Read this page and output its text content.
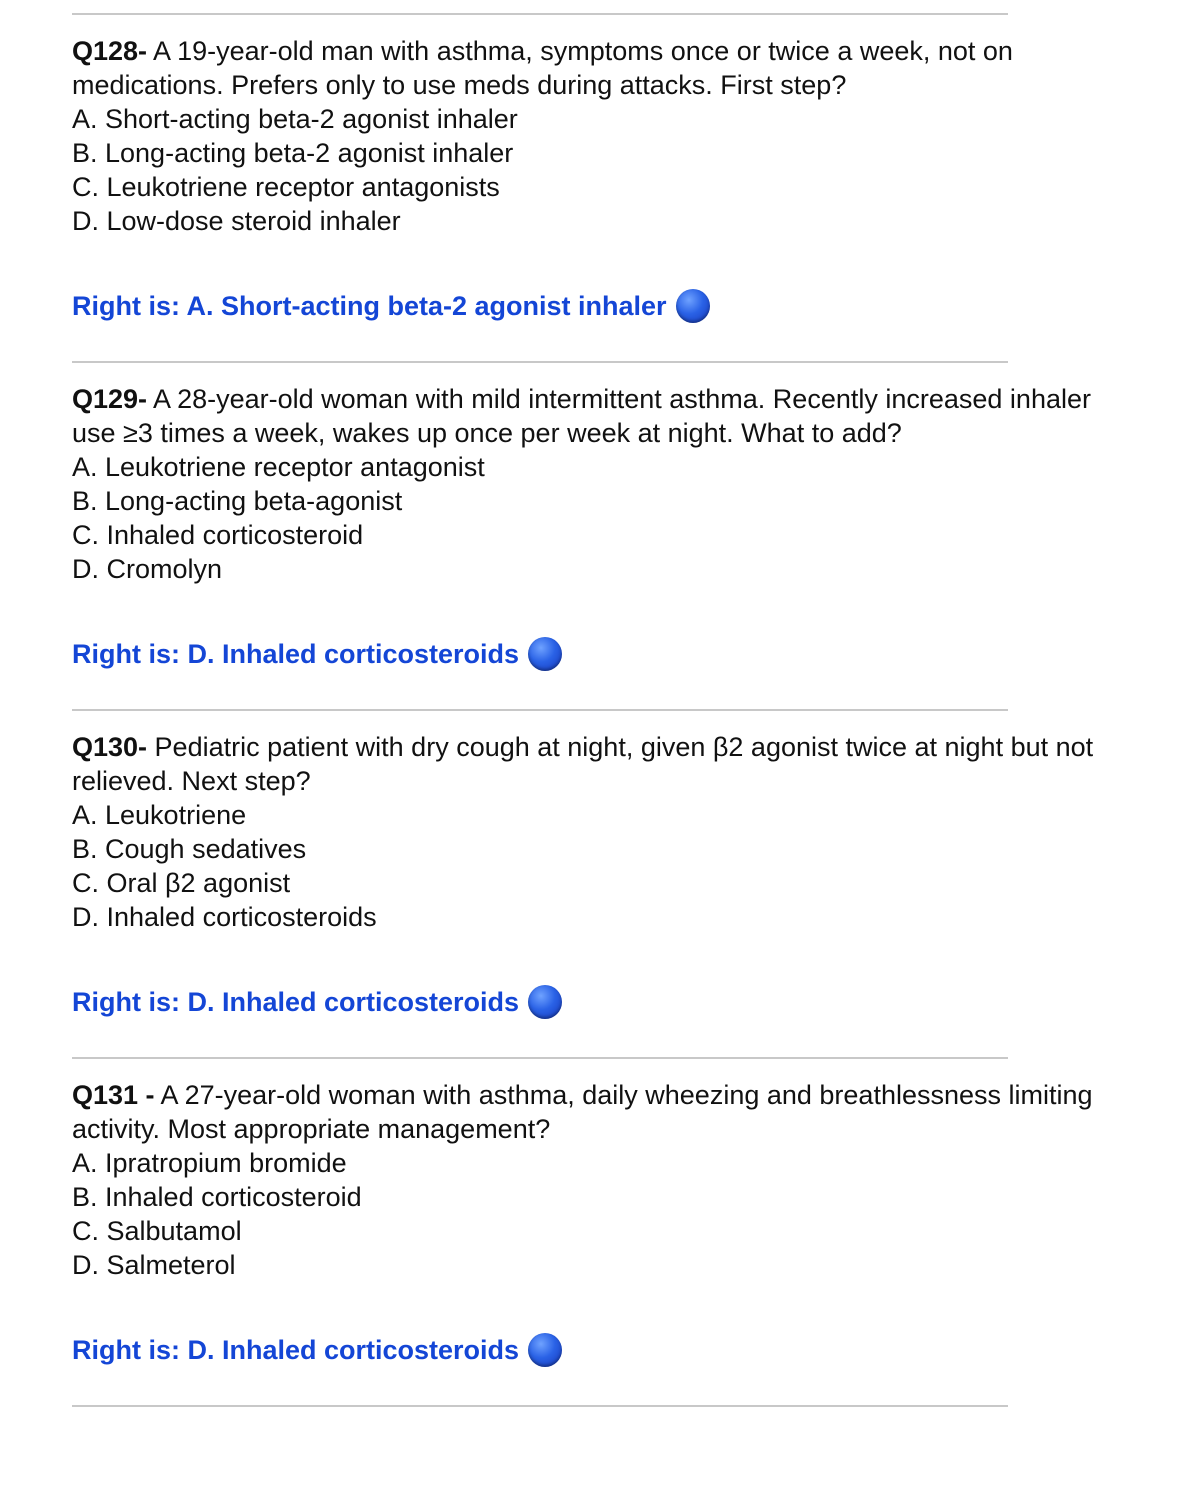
Q128- A 19-year-old man with asthma, symptoms once or twice a week, not on medications. Prefers only to use meds during attacks. First step?

A. Short-acting beta-2 agonist inhaler

B. Long-acting beta-2 agonist inhaler

C. Leukotriene receptor antagonists

D. Low-dose steroid inhaler

Right is: A. Short-acting beta-2 agonist inhaler

Q129- A 28-year-old woman with mild intermittent asthma. Recently increased inhaler use ≥3 times a week, wakes up once per week at night. What to add?

A. Leukotriene receptor antagonist

B. Long-acting beta-agonist

C. Inhaled corticosteroid

D. Cromolyn

Right is: D. Inhaled corticosteroids

Q130- Pediatric patient with dry cough at night, given β2 agonist twice at night but not relieved. Next step?

A. Leukotriene

B. Cough sedatives

C. Oral β2 agonist

D. Inhaled corticosteroids

Right is: D. Inhaled corticosteroids

Q131 - A 27-year-old woman with asthma, daily wheezing and breathlessness limiting activity. Most appropriate management?

A. Ipratropium bromide

B. Inhaled corticosteroid

C. Salbutamol

D. Salmeterol

Right is: D. Inhaled corticosteroids
